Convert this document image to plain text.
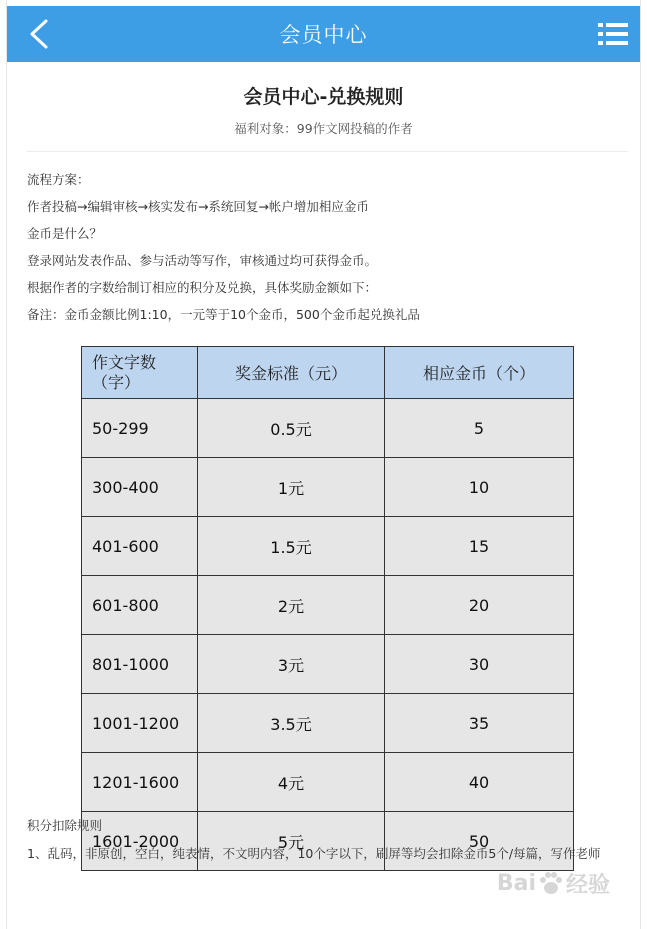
会员中心
会员中心-兑换规则
福利对象：99作文网投稿的作者

流程方案：

作者投稿→编辑审核→核实发布→系统回复→帐户增加相应金币

金币是什么？

登录网站发表作品、参与活动等写作，审核通过均可获得金币。

根据作者的字数给制订相应的积分及兑换，具体奖励金额如下：

备注：金币金额比例1:10，一元等于10个金币，500个金币起兑换礼品

作文字数（字）	奖金标准（元）	相应金币（个）
50-299	0.5元	5
300-400	1元	10
401-600	1.5元	15
601-800	2元	20
801-1000	3元	30
1001-1200	3.5元	35
1201-1600	4元	40
1601-2000	5元	50

积分扣除规则

1、乱码，非原创，空白，纯表情，不文明内容，10个字以下，刷屏等均会扣除金币5个/每篇，写作老师

Bai 经验
